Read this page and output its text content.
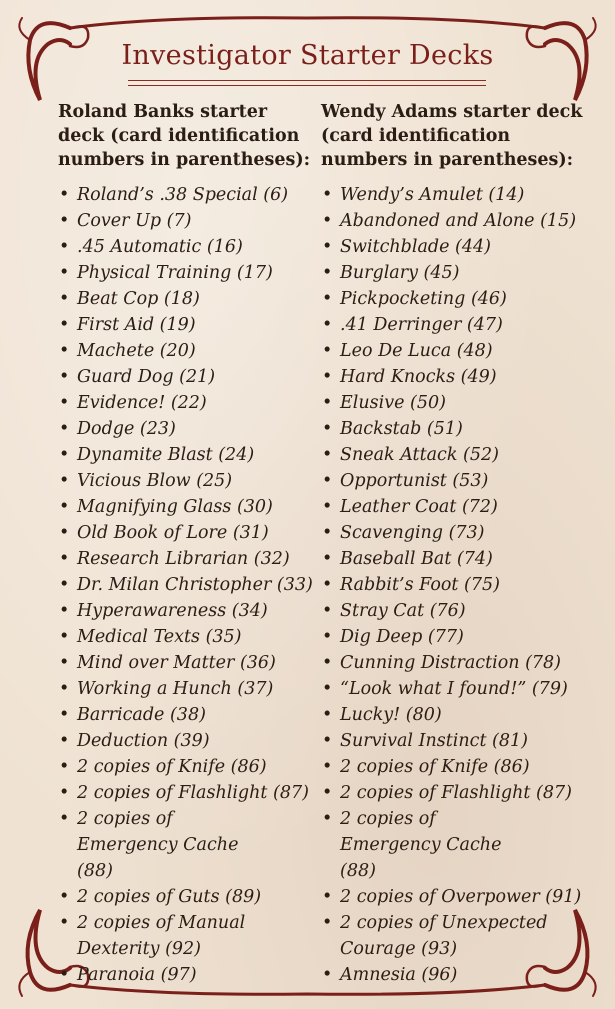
Investigator Starter Decks

Roland Banks starter deck (card identification numbers in parentheses):

• Roland’s .38 Special (6)
• Cover Up (7)
• .45 Automatic (16)
• Physical Training (17)
• Beat Cop (18)
• First Aid (19)
• Machete (20)
• Guard Dog (21)
• Evidence! (22)
• Dodge (23)
• Dynamite Blast (24)
• Vicious Blow (25)
• Magnifying Glass (30)
• Old Book of Lore (31)
• Research Librarian (32)
• Dr. Milan Christopher (33)
• Hyperawareness (34)
• Medical Texts (35)
• Mind over Matter (36)
• Working a Hunch (37)
• Barricade (38)
• Deduction (39)
• 2 copies of Knife (86)
• 2 copies of Flashlight (87)
• 2 copies of Emergency Cache (88)
• 2 copies of Guts (89)
• 2 copies of Manual Dexterity (92)
• Paranoia (97)

Wendy Adams starter deck (card identification numbers in parentheses):

• Wendy’s Amulet (14)
• Abandoned and Alone (15)
• Switchblade (44)
• Burglary (45)
• Pickpocketing (46)
• .41 Derringer (47)
• Leo De Luca (48)
• Hard Knocks (49)
• Elusive (50)
• Backstab (51)
• Sneak Attack (52)
• Opportunist (53)
• Leather Coat (72)
• Scavenging (73)
• Baseball Bat (74)
• Rabbit’s Foot (75)
• Stray Cat (76)
• Dig Deep (77)
• Cunning Distraction (78)
• “Look what I found!” (79)
• Lucky! (80)
• Survival Instinct (81)
• 2 copies of Knife (86)
• 2 copies of Flashlight (87)
• 2 copies of Emergency Cache (88)
• 2 copies of Overpower (91)
• 2 copies of Unexpected Courage (93)
• Amnesia (96)
